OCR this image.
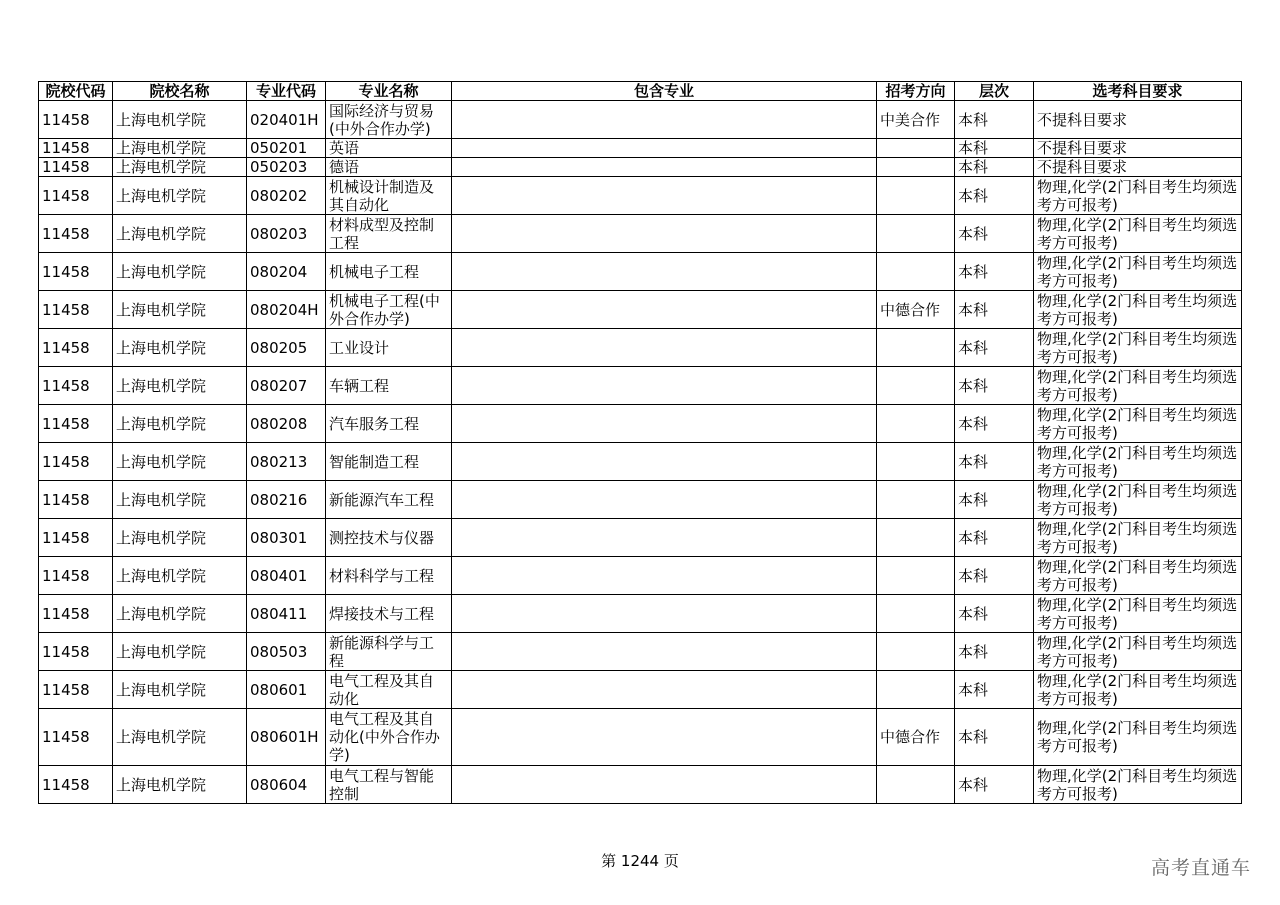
院校代码	院校名称	专业代码	专业名称	包含专业	招考方向	层次	选考科目要求
11458	上海电机学院	020401H	国际经济与贸易(中外合作办学)		中美合作	本科	不提科目要求
11458	上海电机学院	050201	英语			本科	不提科目要求
11458	上海电机学院	050203	德语			本科	不提科目要求
11458	上海电机学院	080202	机械设计制造及其自动化			本科	物理,化学(2门科目考生均须选考方可报考)
11458	上海电机学院	080203	材料成型及控制工程			本科	物理,化学(2门科目考生均须选考方可报考)
11458	上海电机学院	080204	机械电子工程			本科	物理,化学(2门科目考生均须选考方可报考)
11458	上海电机学院	080204H	机械电子工程(中外合作办学)		中德合作	本科	物理,化学(2门科目考生均须选考方可报考)
11458	上海电机学院	080205	工业设计			本科	物理,化学(2门科目考生均须选考方可报考)
11458	上海电机学院	080207	车辆工程			本科	物理,化学(2门科目考生均须选考方可报考)
11458	上海电机学院	080208	汽车服务工程			本科	物理,化学(2门科目考生均须选考方可报考)
11458	上海电机学院	080213	智能制造工程			本科	物理,化学(2门科目考生均须选考方可报考)
11458	上海电机学院	080216	新能源汽车工程			本科	物理,化学(2门科目考生均须选考方可报考)
11458	上海电机学院	080301	测控技术与仪器			本科	物理,化学(2门科目考生均须选考方可报考)
11458	上海电机学院	080401	材料科学与工程			本科	物理,化学(2门科目考生均须选考方可报考)
11458	上海电机学院	080411	焊接技术与工程			本科	物理,化学(2门科目考生均须选考方可报考)
11458	上海电机学院	080503	新能源科学与工程			本科	物理,化学(2门科目考生均须选考方可报考)
11458	上海电机学院	080601	电气工程及其自动化			本科	物理,化学(2门科目考生均须选考方可报考)
11458	上海电机学院	080601H	电气工程及其自动化(中外合作办学)		中德合作	本科	物理,化学(2门科目考生均须选考方可报考)
11458	上海电机学院	080604	电气工程与智能控制			本科	物理,化学(2门科目考生均须选考方可报考)
第 1244 页	高考直通车
